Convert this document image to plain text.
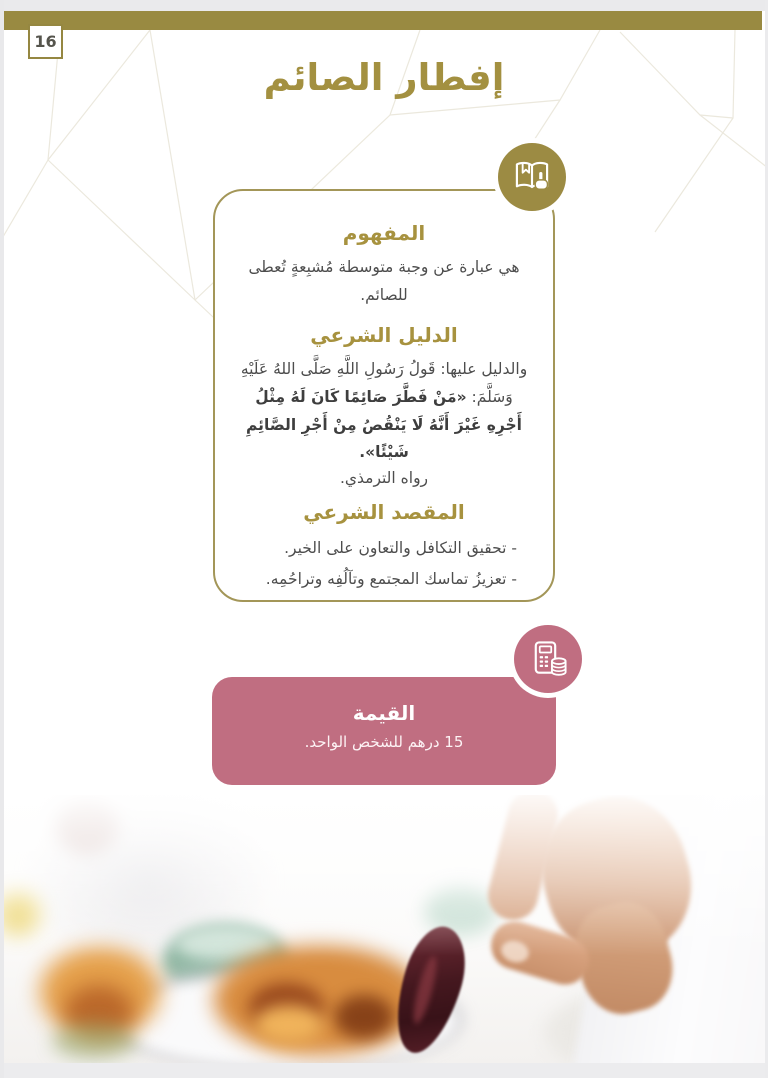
16
إفطار الصائم
المفهوم

هي عبارة عن وجبة متوسطة مُشبِعةٍ تُعطى للصائم.

الدليل الشرعي

والدليل عليها: قَولُ رَسُولِ اللَّهِ صَلَّى اللهُ عَلَيْهِ وَسَلَّمَ: «مَنْ فَطَّرَ صَائِمًا كَانَ لَهُ مِثْلُ أَجْرِهِ غَيْرَ أَنَّهُ لَا يَنْقُصُ مِنْ أَجْرِ الصَّائِمِ شَيْئًا».

رواه الترمذي.
المقصد الشرعي
- تحقيق التكافل والتعاون على الخير.
- تعزيزُ تماسك المجتمع وتآلُفِه وتراحُمِه.
القيمة
15 درهم للشخص الواحد.
